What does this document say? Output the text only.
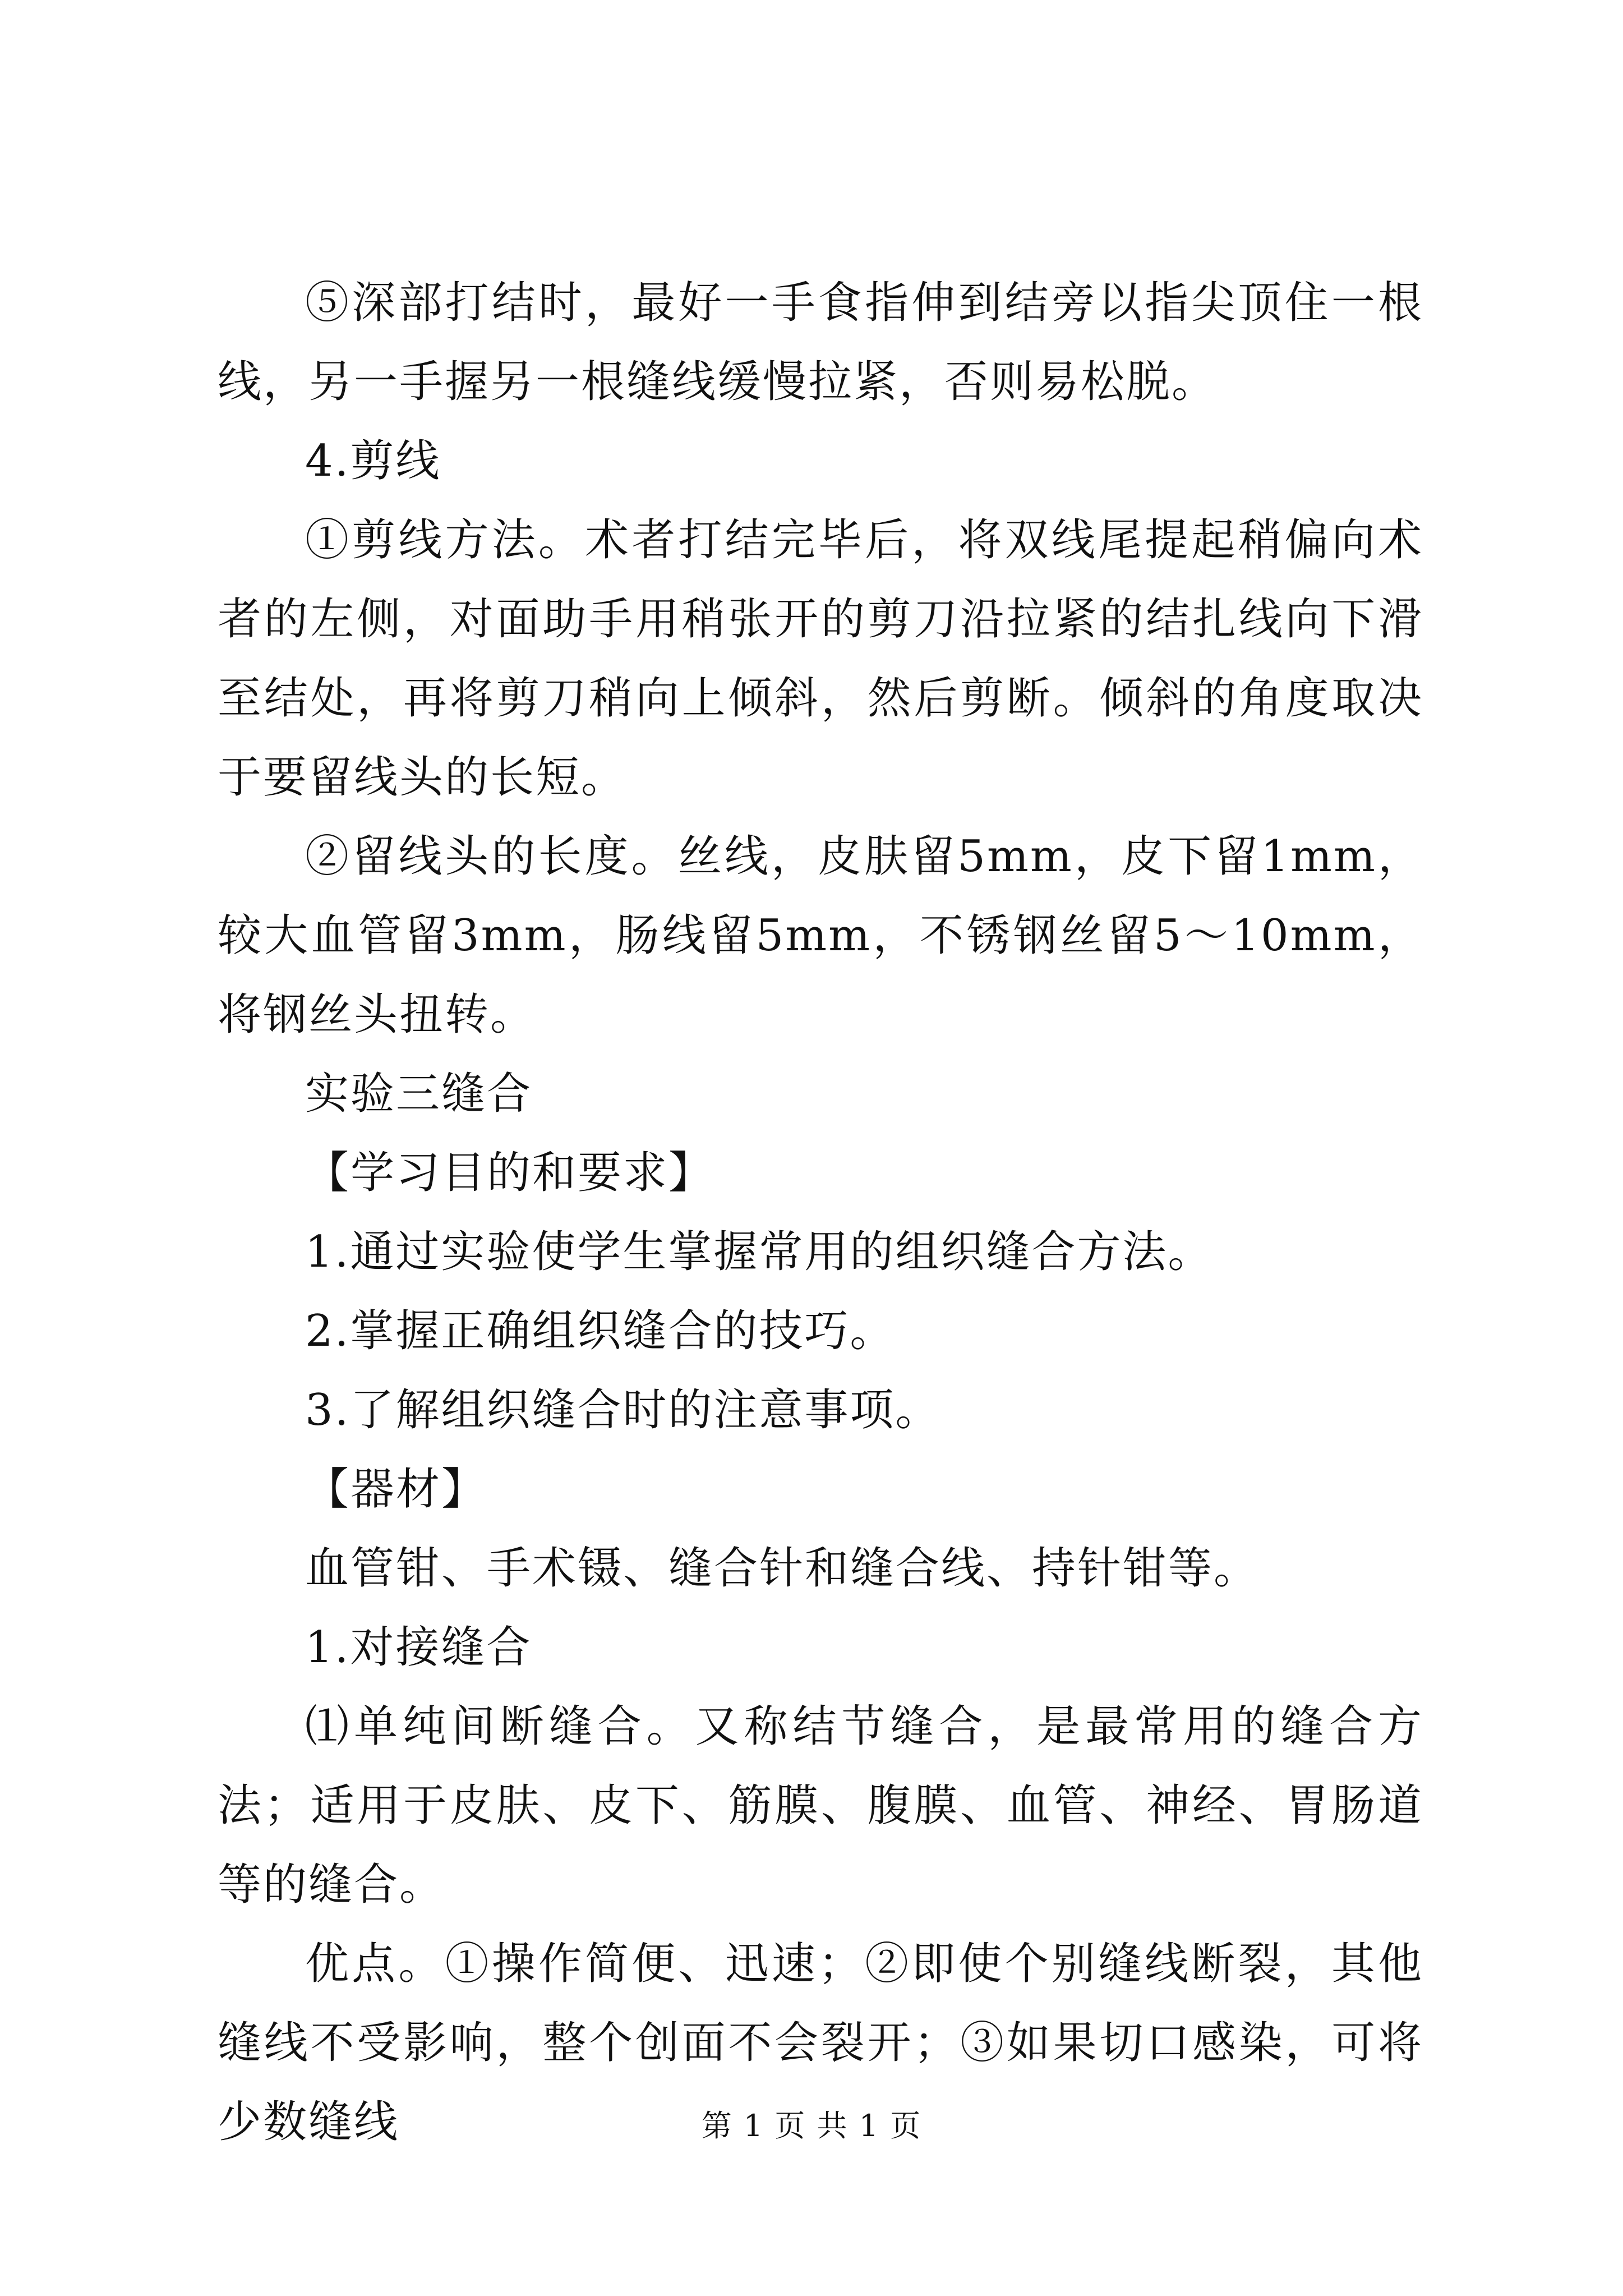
⑤深部打结时，最好一手食指伸到结旁以指尖顶住一根线，另一手握另一根缝线缓慢拉紧，否则易松脱。

4.剪线

①剪线方法。术者打结完毕后，将双线尾提起稍偏向术者的左侧，对面助手用稍张开的剪刀沿拉紧的结扎线向下滑至结处，再将剪刀稍向上倾斜，然后剪断。倾斜的角度取决于要留线头的长短。

②留线头的长度。丝线，皮肤留5mm，皮下留1mm，较大血管留3mm，肠线留5mm，不锈钢丝留5～10mm，将钢丝头扭转。

实验三缝合

【学习目的和要求】

1.通过实验使学生掌握常用的组织缝合方法。

2.掌握正确组织缝合的技巧。

3.了解组织缝合时的注意事项。

【器材】

血管钳、手术镊、缝合针和缝合线、持针钳等。

1.对接缝合

⑴单纯间断缝合。又称结节缝合，是最常用的缝合方法；适用于皮肤、皮下、筋膜、腹膜、血管、神经、胃肠道等的缝合。

优点。①操作简便、迅速；②即使个别缝线断裂，其他缝线不受影响，整个创面不会裂开；③如果切口感染，可将少数缝线	第 1 页 共 1 页
